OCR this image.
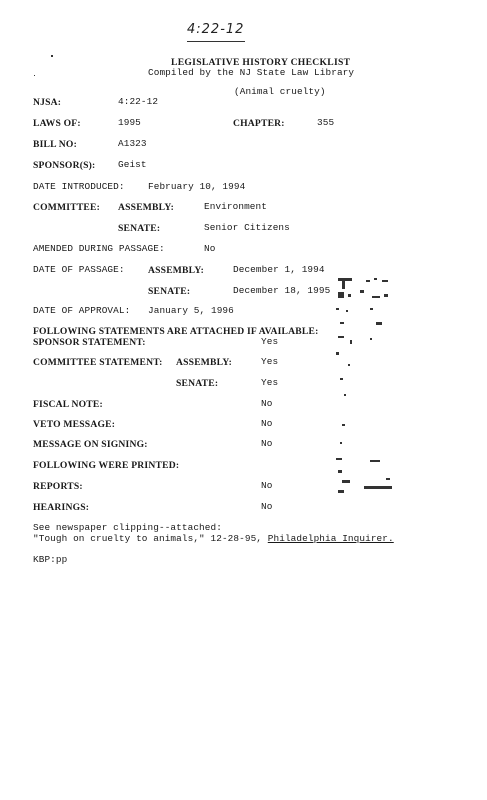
4:22-12
LEGISLATIVE HISTORY CHECKLIST
Compiled by the NJ State Law Library
(Animal cruelty)
NJSA:	4:22-12
LAWS OF:	1995	CHAPTER:	355
BILL NO:	A1323
SPONSOR(S): Geist
DATE INTRODUCED: February 10, 1994
COMMITTEE: ASSEMBLY:	Environment
SENATE:	Senior Citizens
AMENDED DURING PASSAGE:	No
DATE OF PASSAGE: ASSEMBLY:	December 1, 1994
SENATE:	December 18, 1995
DATE OF APPROVAL: January 5, 1996
FOLLOWING STATEMENTS ARE ATTACHED IF AVAILABLE:
SPONSOR STATEMENT:	Yes
COMMITTEE STATEMENT: ASSEMBLY:	Yes
SENATE:	Yes
FISCAL NOTE:	No
VETO MESSAGE:	No
MESSAGE ON SIGNING:	No
FOLLOWING WERE PRINTED:
REPORTS:	No
HEARINGS:	No
See newspaper clipping--attached:
"Tough on cruelty to animals," 12-28-95, Philadelphia Inquirer.
KBP:pp
